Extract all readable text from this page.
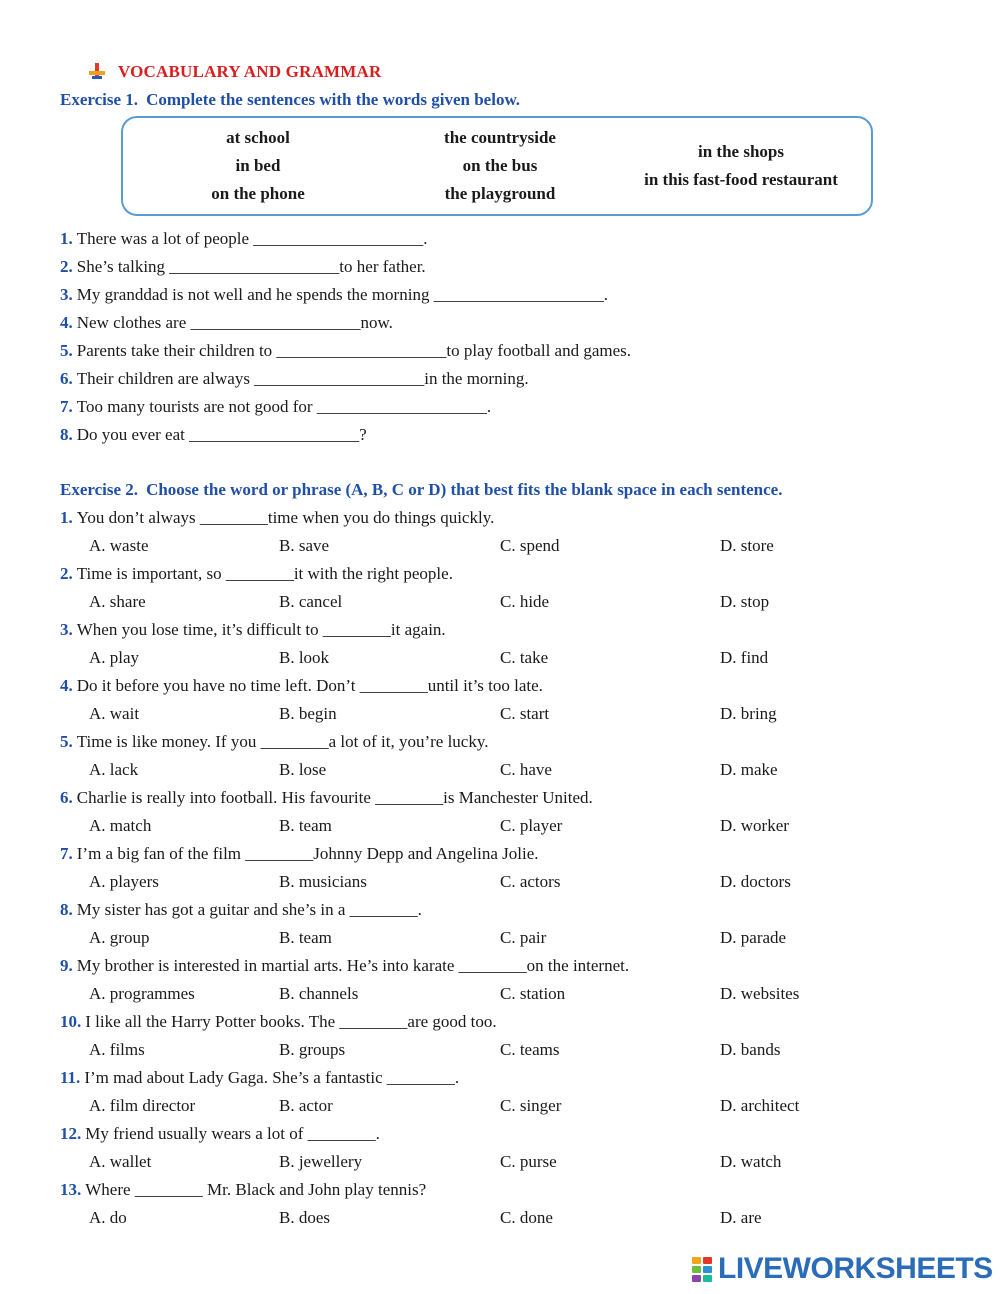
VOCABULARY AND GRAMMAR
Exercise 1. Complete the sentences with the words given below.
at school
in bed
on the phone
the countryside
on the bus
the playground
in the shops
in this fast-food restaurant
1. There was a lot of people ____________________.
2. She’s talking ____________________to her father.
3. My granddad is not well and he spends the morning ____________________.
4. New clothes are ____________________now.
5. Parents take their children to ____________________to play football and games.
6. Their children are always ____________________in the morning.
7. Too many tourists are not good for ____________________.
8. Do you ever eat ____________________?
Exercise 2. Choose the word or phrase (A, B, C or D) that best fits the blank space in each sentence.
1. You don’t always ________time when you do things quickly.
A. waste	B. save	C. spend	D. store
2. Time is important, so ________it with the right people.
A. share	B. cancel	C. hide	D. stop
3. When you lose time, it’s difficult to ________it again.
A. play	B. look	C. take	D. find
4. Do it before you have no time left. Don’t ________until it’s too late.
A. wait	B. begin	C. start	D. bring
5. Time is like money. If you ________a lot of it, you’re lucky.
A. lack	B. lose	C. have	D. make
6. Charlie is really into football. His favourite ________is Manchester United.
A. match	B. team	C. player	D. worker
7. I’m a big fan of the film ________Johnny Depp and Angelina Jolie.
A. players	B. musicians	C. actors	D. doctors
8. My sister has got a guitar and she’s in a ________.
A. group	B. team	C. pair	D. parade
9. My brother is interested in martial arts. He’s into karate ________on the internet.
A. programmes	B. channels	C. station	D. websites
10. I like all the Harry Potter books. The ________are good too.
A. films	B. groups	C. teams	D. bands
11. I’m mad about Lady Gaga. She’s a fantastic ________.
A. film director	B. actor	C. singer	D. architect
12. My friend usually wears a lot of ________.
A. wallet	B. jewellery	C. purse	D. watch
13. Where ________ Mr. Black and John play tennis?
A. do	B. does	C. done	D. are
LIVEWORKSHEETS
